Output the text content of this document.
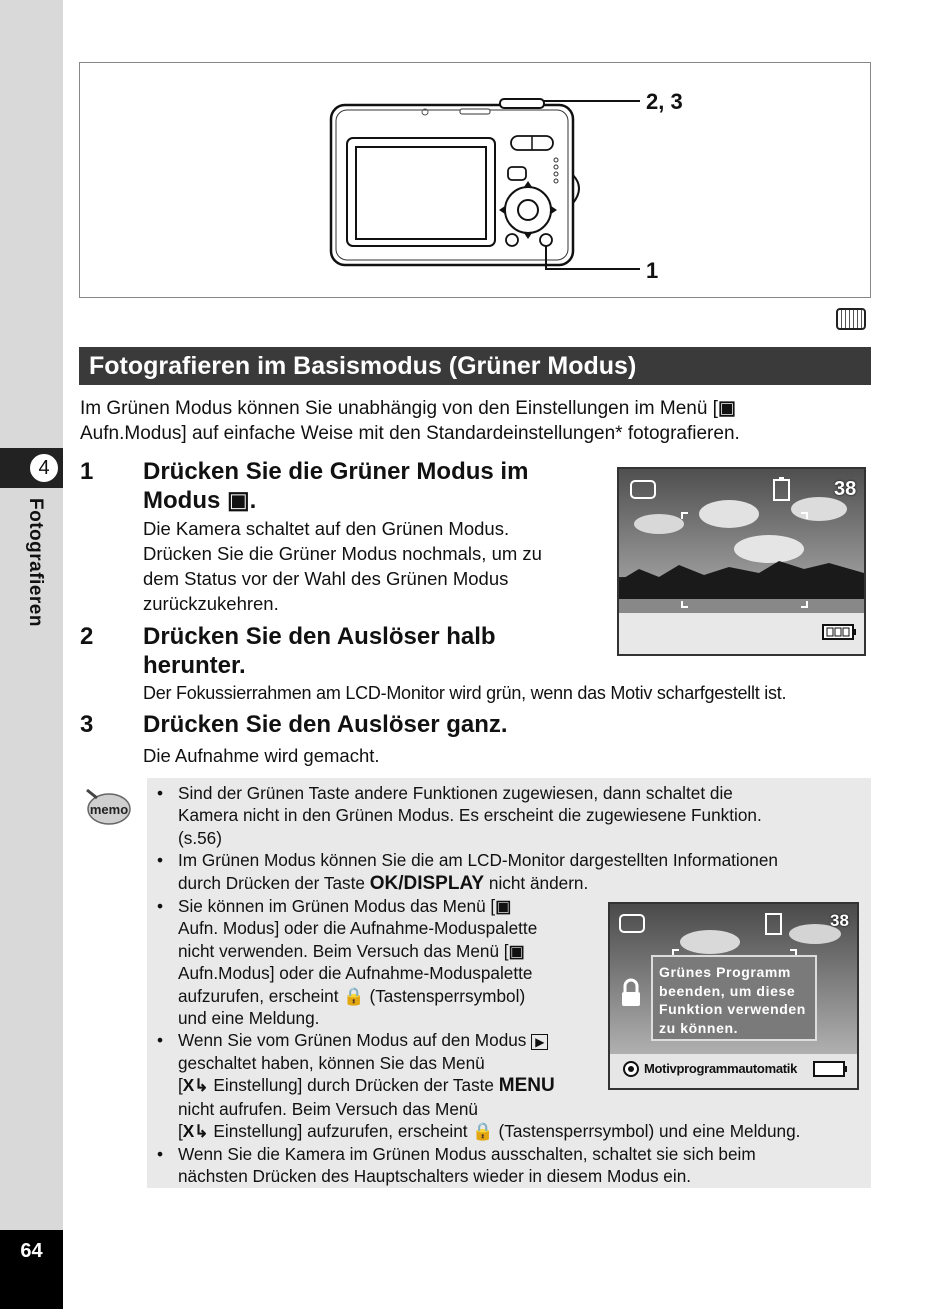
4
Fotografieren
64
2, 3
1
Fotografieren im Basismodus (Grüner Modus)
Im Grünen Modus können Sie unabhängig von den Einstellungen im Menü [▣
Aufn.Modus] auf einfache Weise mit den Standardeinstellungen* fotografieren.
1 Drücken Sie die Grüner Modus im
Modus ▣.
Die Kamera schaltet auf den Grünen Modus.
Drücken Sie die Grüner Modus nochmals, um zu
dem Status vor der Wahl des Grünen Modus
zurückzukehren.
38
2 Drücken Sie den Auslöser halb
herunter.
Der Fokussierrahmen am LCD-Monitor wird grün, wenn das Motiv scharfgestellt ist.
3 Drücken Sie den Auslöser ganz.
Die Aufnahme wird gemacht.
memo
• Sind der Grünen Taste andere Funktionen zugewiesen, dann schaltet die
Kamera nicht in den Grünen Modus. Es erscheint die zugewiesene Funktion.
(s.56)
• Im Grünen Modus können Sie die am LCD-Monitor dargestellten Informationen
durch Drücken der Taste OK/DISPLAY nicht ändern.
• Sie können im Grünen Modus das Menü [▣
Aufn. Modus] oder die Aufnahme-Moduspalette
nicht verwenden. Beim Versuch das Menü [▣
Aufn.Modus] oder die Aufnahme-Moduspalette
aufzurufen, erscheint 🔒 (Tastensperrsymbol)
und eine Meldung.
• Wenn Sie vom Grünen Modus auf den Modus ▶
geschaltet haben, können Sie das Menü
[Χ↳ Einstellung] durch Drücken der Taste MENU
nicht aufrufen. Beim Versuch das Menü
[Χ↳ Einstellung] aufzurufen, erscheint 🔒 (Tastensperrsymbol) und eine Meldung.
• Wenn Sie die Kamera im Grünen Modus ausschalten, schaltet sie sich beim
nächsten Drücken des Hauptschalters wieder in diesem Modus ein.
38
Grünes Programm
beenden, um diese
Funktion verwenden
zu können.
Motivprogrammautomatik
